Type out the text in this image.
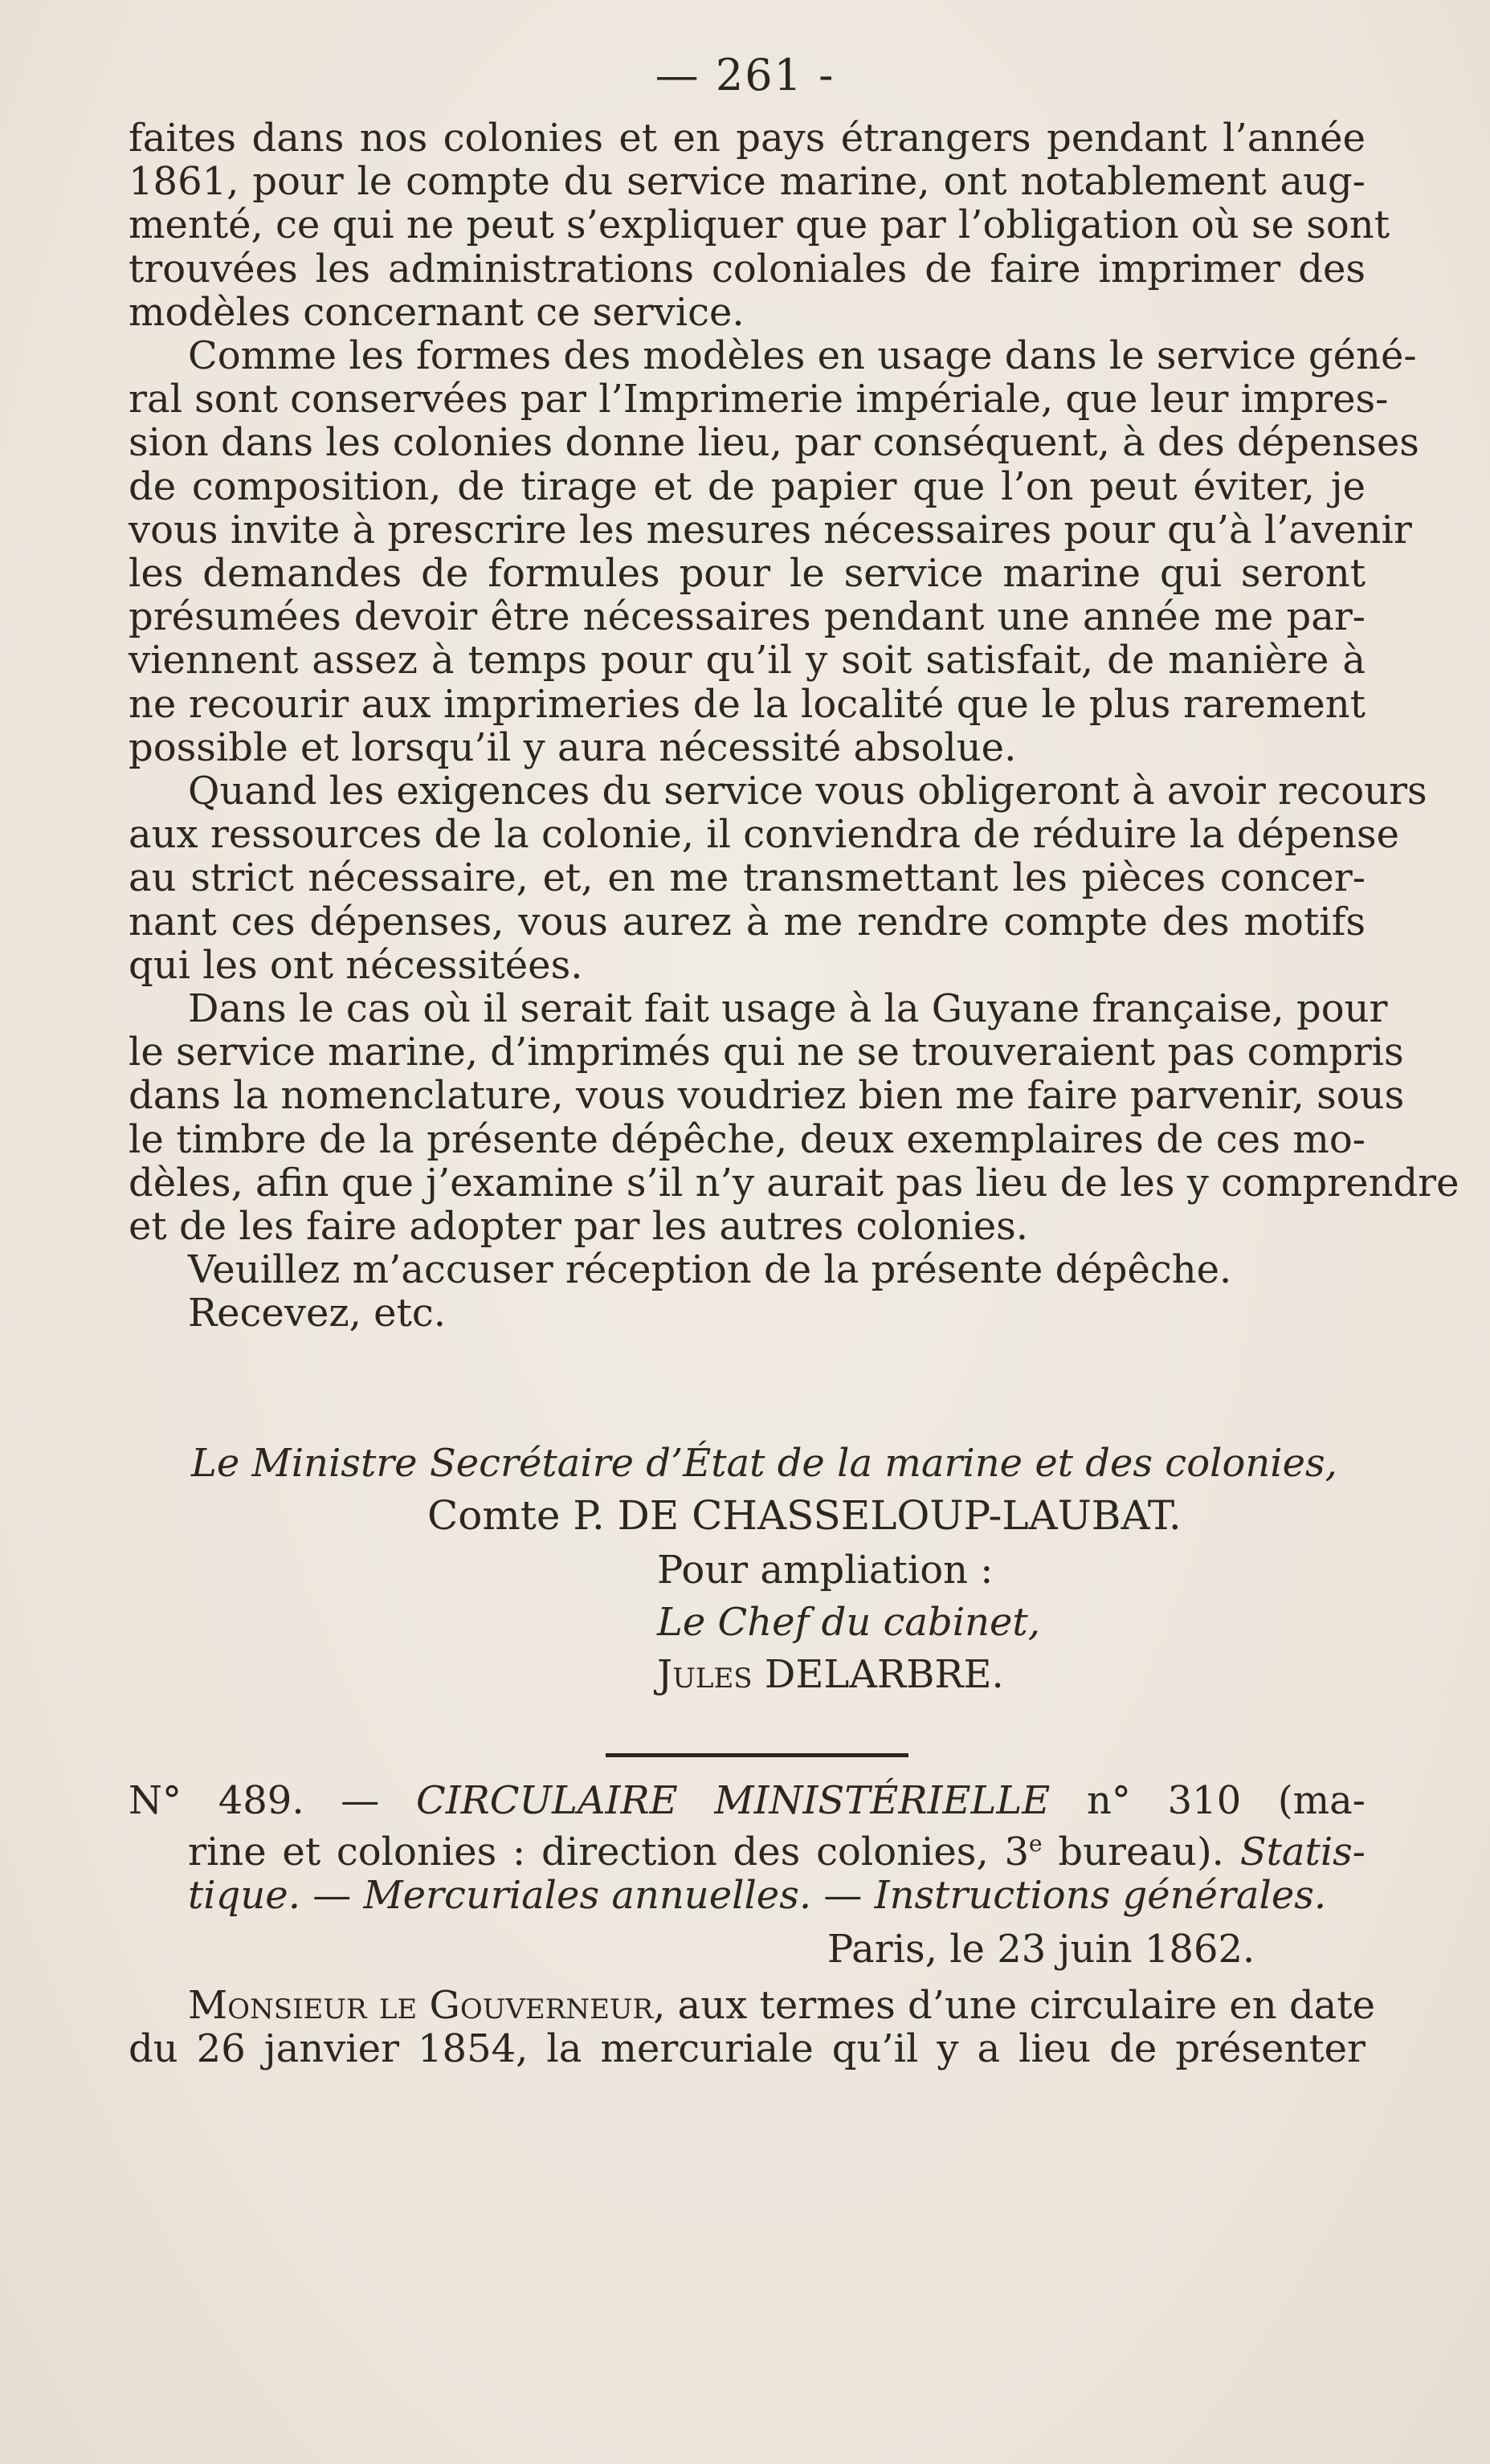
— 261 -

faites dans nos colonies et en pays étrangers pendant l’année
1861, pour le compte du service marine, ont notablement aug-
menté, ce qui ne peut s’expliquer que par l’obligation où se sont
trouvées les administrations coloniales de faire imprimer des
modèles concernant ce service.

Comme les formes des modèles en usage dans le service géné-
ral sont conservées par l’Imprimerie impériale, que leur impres-
sion dans les colonies donne lieu, par conséquent, à des dépenses
de composition, de tirage et de papier que l’on peut éviter, je
vous invite à prescrire les mesures nécessaires pour qu’à l’avenir
les demandes de formules pour le service marine qui seront
présumées devoir être nécessaires pendant une année me par-
viennent assez à temps pour qu’il y soit satisfait, de manière à
ne recourir aux imprimeries de la localité que le plus rarement
possible et lorsqu’il y aura nécessité absolue.

Quand les exigences du service vous obligeront à avoir recours
aux ressources de la colonie, il conviendra de réduire la dépense
au strict nécessaire, et, en me transmettant les pièces concer-
nant ces dépenses, vous aurez à me rendre compte des motifs
qui les ont nécessitées.

Dans le cas où il serait fait usage à la Guyane française, pour
le service marine, d’imprimés qui ne se trouveraient pas compris
dans la nomenclature, vous voudriez bien me faire parvenir, sous
le timbre de la présente dépêche, deux exemplaires de ces mo-
dèles, afin que j’examine s’il n’y aurait pas lieu de les y comprendre
et de les faire adopter par les autres colonies.

Veuillez m’accuser réception de la présente dépêche.

Recevez, etc.

Le Ministre Secrétaire d’État de la marine et des colonies,
Comte P. DE CHASSELOUP-LAUBAT.
Pour ampliation :
Le Chef du cabinet,
Jules DELARBRE.
N° 489. — CIRCULAIRE MINISTÉRIELLE n° 310 (ma-
rine et colonies : direction des colonies, 3e bureau). Statis-
tique. — Mercuriales annuelles. — Instructions générales.
Paris, le 23 juin 1862.
Monsieur le Gouverneur, aux termes d’une circulaire en date
du 26 janvier 1854, la mercuriale qu’il y a lieu de présenter
